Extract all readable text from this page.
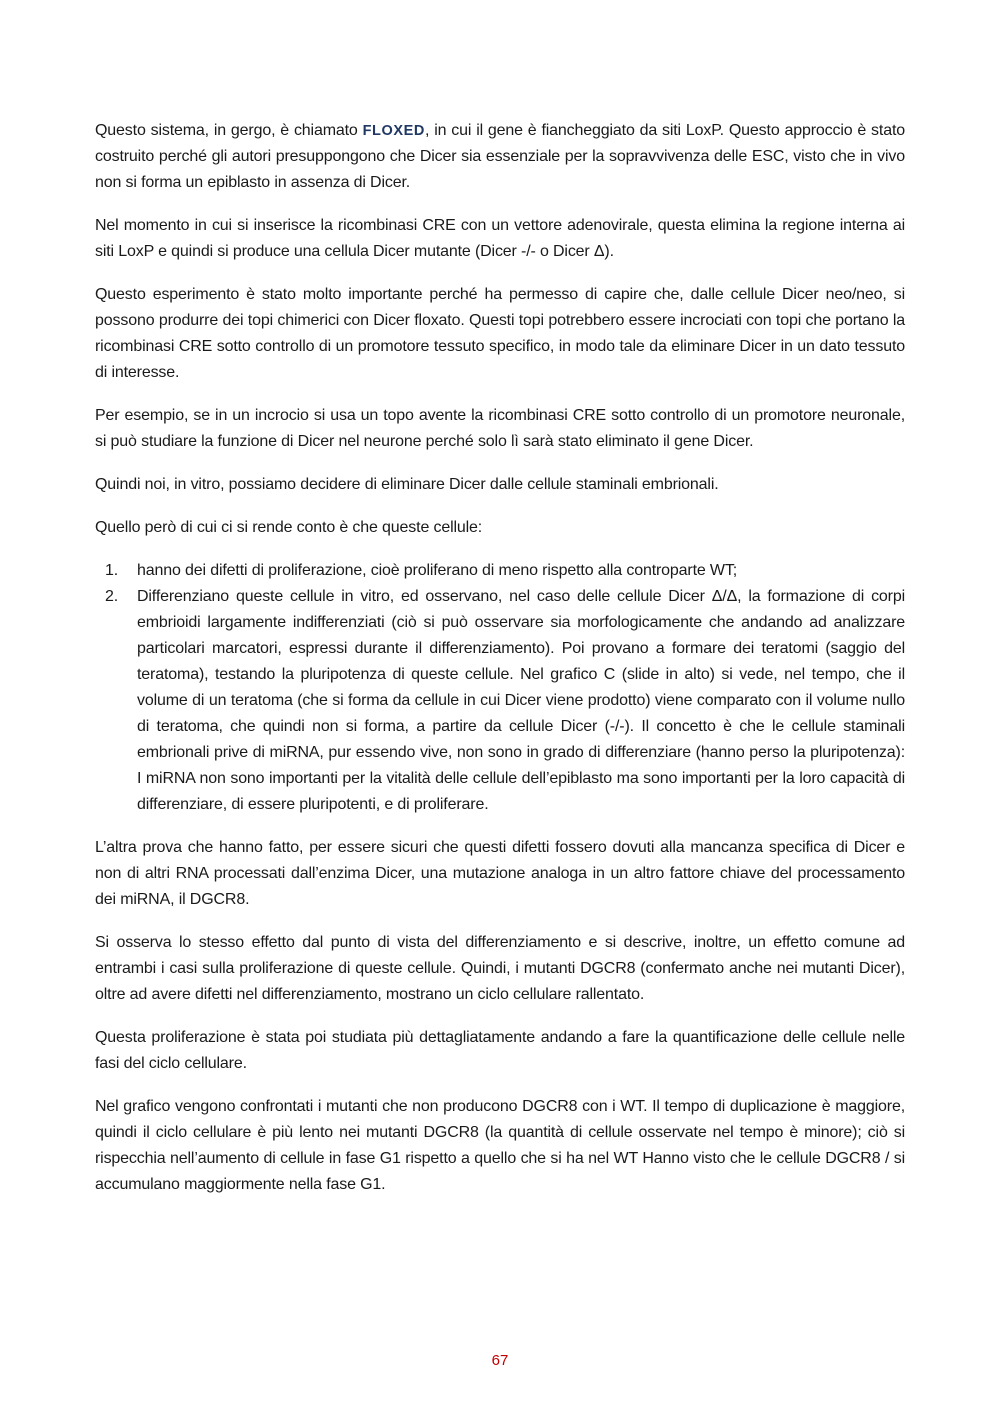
Questo sistema, in gergo, è chiamato FLOXED, in cui il gene è fiancheggiato da siti LoxP. Questo approccio è stato costruito perché gli autori presuppongono che Dicer sia essenziale per la sopravvivenza delle ESC, visto che in vivo non si forma un epiblasto in assenza di Dicer.

Nel momento in cui si inserisce la ricombinasi CRE con un vettore adenovirale, questa elimina la regione interna ai siti LoxP e quindi si produce una cellula Dicer mutante (Dicer -/- o Dicer Δ).

Questo esperimento è stato molto importante perché ha permesso di capire che, dalle cellule Dicer neo/neo, si possono produrre dei topi chimerici con Dicer floxato. Questi topi potrebbero essere incrociati con topi che portano la ricombinasi CRE sotto controllo di un promotore tessuto specifico, in modo tale da eliminare Dicer in un dato tessuto di interesse.

Per esempio, se in un incrocio si usa un topo avente la ricombinasi CRE sotto controllo di un promotore neuronale, si può studiare la funzione di Dicer nel neurone perché solo lì sarà stato eliminato il gene Dicer.

Quindi noi, in vitro, possiamo decidere di eliminare Dicer dalle cellule staminali embrionali.

Quello però di cui ci si rende conto è che queste cellule:

1. hanno dei difetti di proliferazione, cioè proliferano di meno rispetto alla controparte WT;
2. Differenziano queste cellule in vitro, ed osservano, nel caso delle cellule Dicer Δ/Δ, la formazione di corpi embrioidi largamente indifferenziati (ciò si può osservare sia morfologicamente che andando ad analizzare particolari marcatori, espressi durante il differenziamento). Poi provano a formare dei teratomi (saggio del teratoma), testando la pluripotenza di queste cellule. Nel grafico C (slide in alto) si vede, nel tempo, che il volume di un teratoma (che si forma da cellule in cui Dicer viene prodotto) viene comparato con il volume nullo di teratoma, che quindi non si forma, a partire da cellule Dicer (-/-). Il concetto è che le cellule staminali embrionali prive di miRNA, pur essendo vive, non sono in grado di differenziare (hanno perso la pluripotenza): I miRNA non sono importanti per la vitalità delle cellule dell’epiblasto ma sono importanti per la loro capacità di differenziare, di essere pluripotenti, e di proliferare.

L’altra prova che hanno fatto, per essere sicuri che questi difetti fossero dovuti alla mancanza specifica di Dicer e non di altri RNA processati dall’enzima Dicer, una mutazione analoga in un altro fattore chiave del processamento dei miRNA, il DGCR8.

Si osserva lo stesso effetto dal punto di vista del differenziamento e si descrive, inoltre, un effetto comune ad entrambi i casi sulla proliferazione di queste cellule. Quindi, i mutanti DGCR8 (confermato anche nei mutanti Dicer), oltre ad avere difetti nel differenziamento, mostrano un ciclo cellulare rallentato.

Questa proliferazione è stata poi studiata più dettagliatamente andando a fare la quantificazione delle cellule nelle fasi del ciclo cellulare.

Nel grafico vengono confrontati i mutanti che non producono DGCR8 con i WT. Il tempo di duplicazione è maggiore, quindi il ciclo cellulare è più lento nei mutanti DGCR8 (la quantità di cellule osservate nel tempo è minore); ciò si rispecchia nell’aumento di cellule in fase G1 rispetto a quello che si ha nel WT Hanno visto che le cellule DGCR8 / si accumulano maggiormente nella fase G1.

67
